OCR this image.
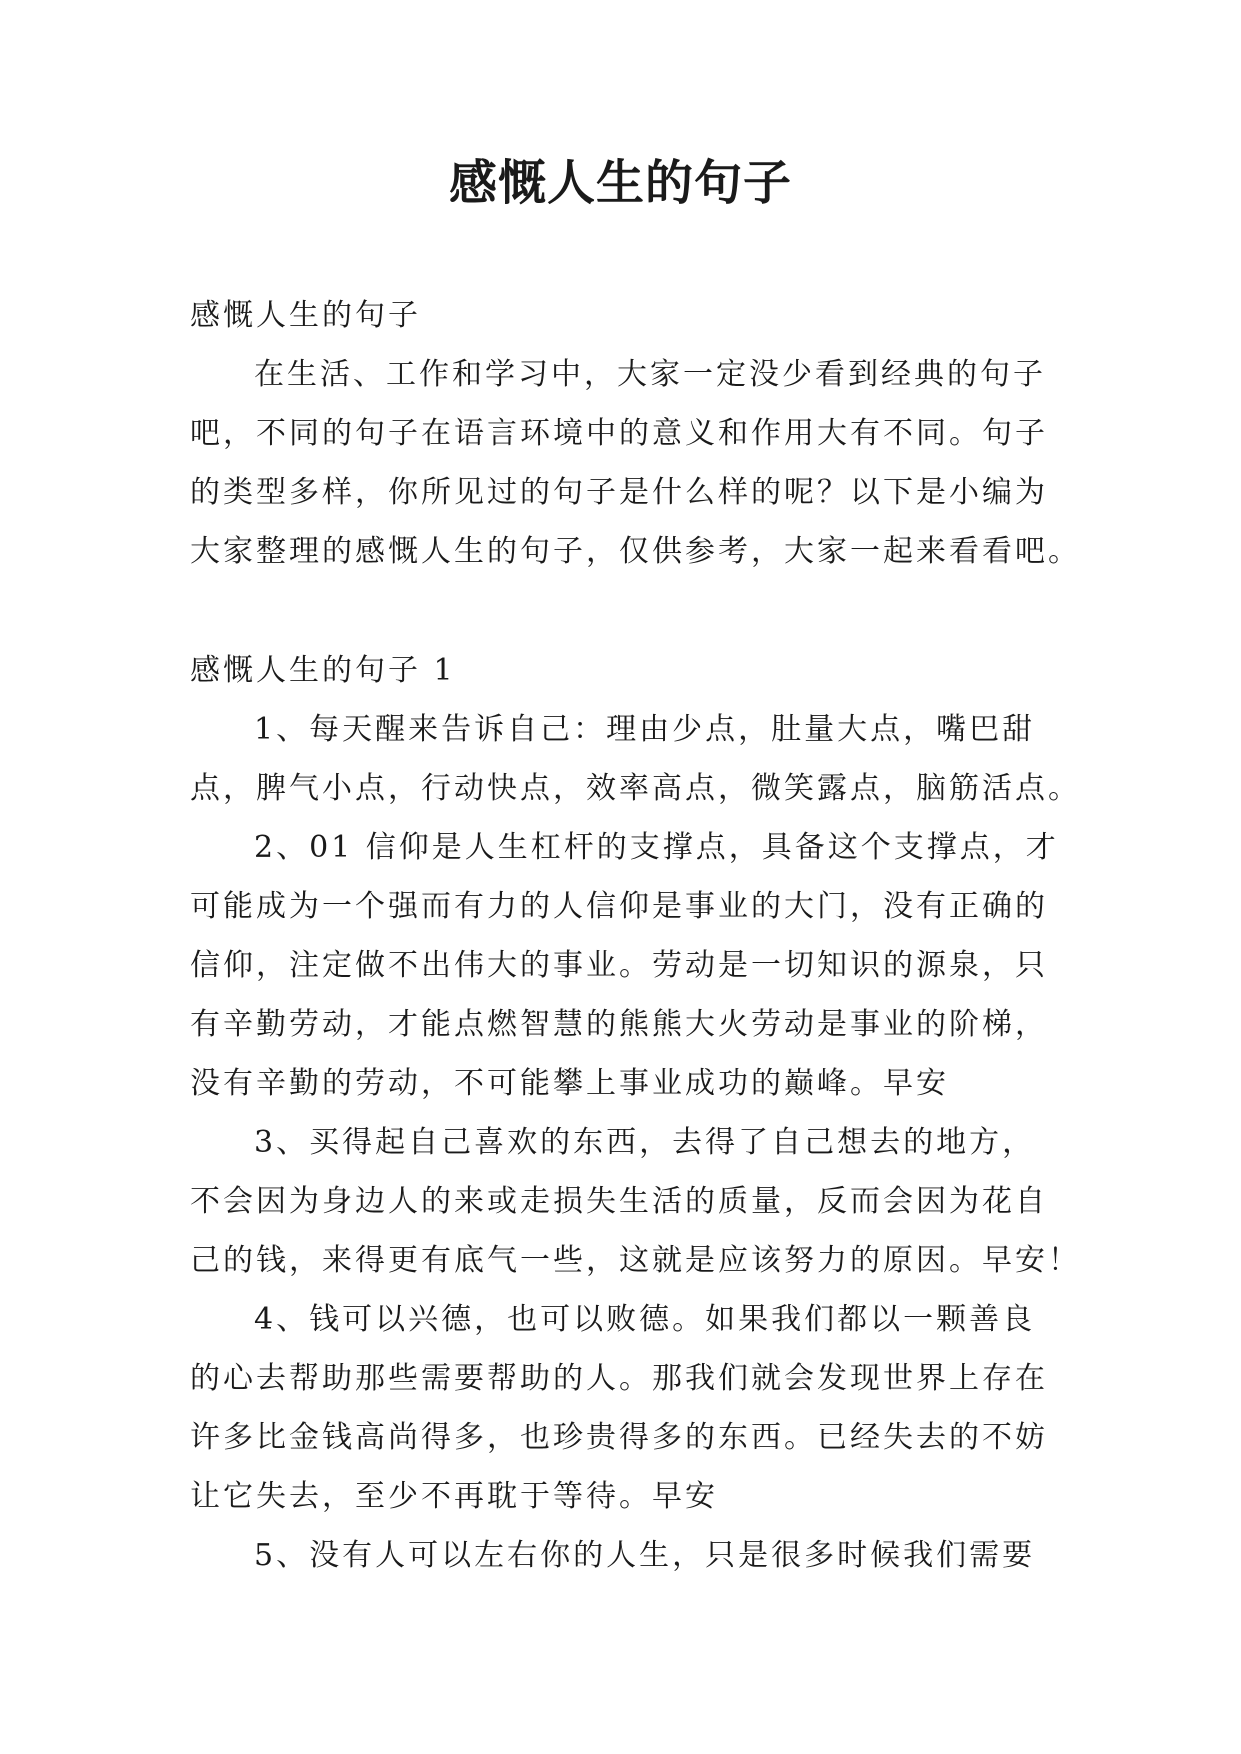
感慨人生的句子
感慨人生的句子
在生活、工作和学习中，大家一定没少看到经典的句子
吧，不同的句子在语言环境中的意义和作用大有不同。句子
的类型多样，你所见过的句子是什么样的呢？以下是小编为
大家整理的感慨人生的句子，仅供参考，大家一起来看看吧。
感慨人生的句子 1
1、每天醒来告诉自己：理由少点，肚量大点，嘴巴甜
点，脾气小点，行动快点，效率高点，微笑露点，脑筋活点。
2、01 信仰是人生杠杆的支撑点，具备这个支撑点，才
可能成为一个强而有力的人信仰是事业的大门，没有正确的
信仰，注定做不出伟大的事业。劳动是一切知识的源泉，只
有辛勤劳动，才能点燃智慧的熊熊大火劳动是事业的阶梯，
没有辛勤的劳动，不可能攀上事业成功的巅峰。早安
3、买得起自己喜欢的东西，去得了自己想去的地方，
不会因为身边人的来或走损失生活的质量，反而会因为花自
己的钱，来得更有底气一些，这就是应该努力的原因。早安！
4、钱可以兴德，也可以败德。如果我们都以一颗善良
的心去帮助那些需要帮助的人。那我们就会发现世界上存在
许多比金钱高尚得多，也珍贵得多的东西。已经失去的不妨
让它失去，至少不再耽于等待。早安
5、没有人可以左右你的人生，只是很多时候我们需要
